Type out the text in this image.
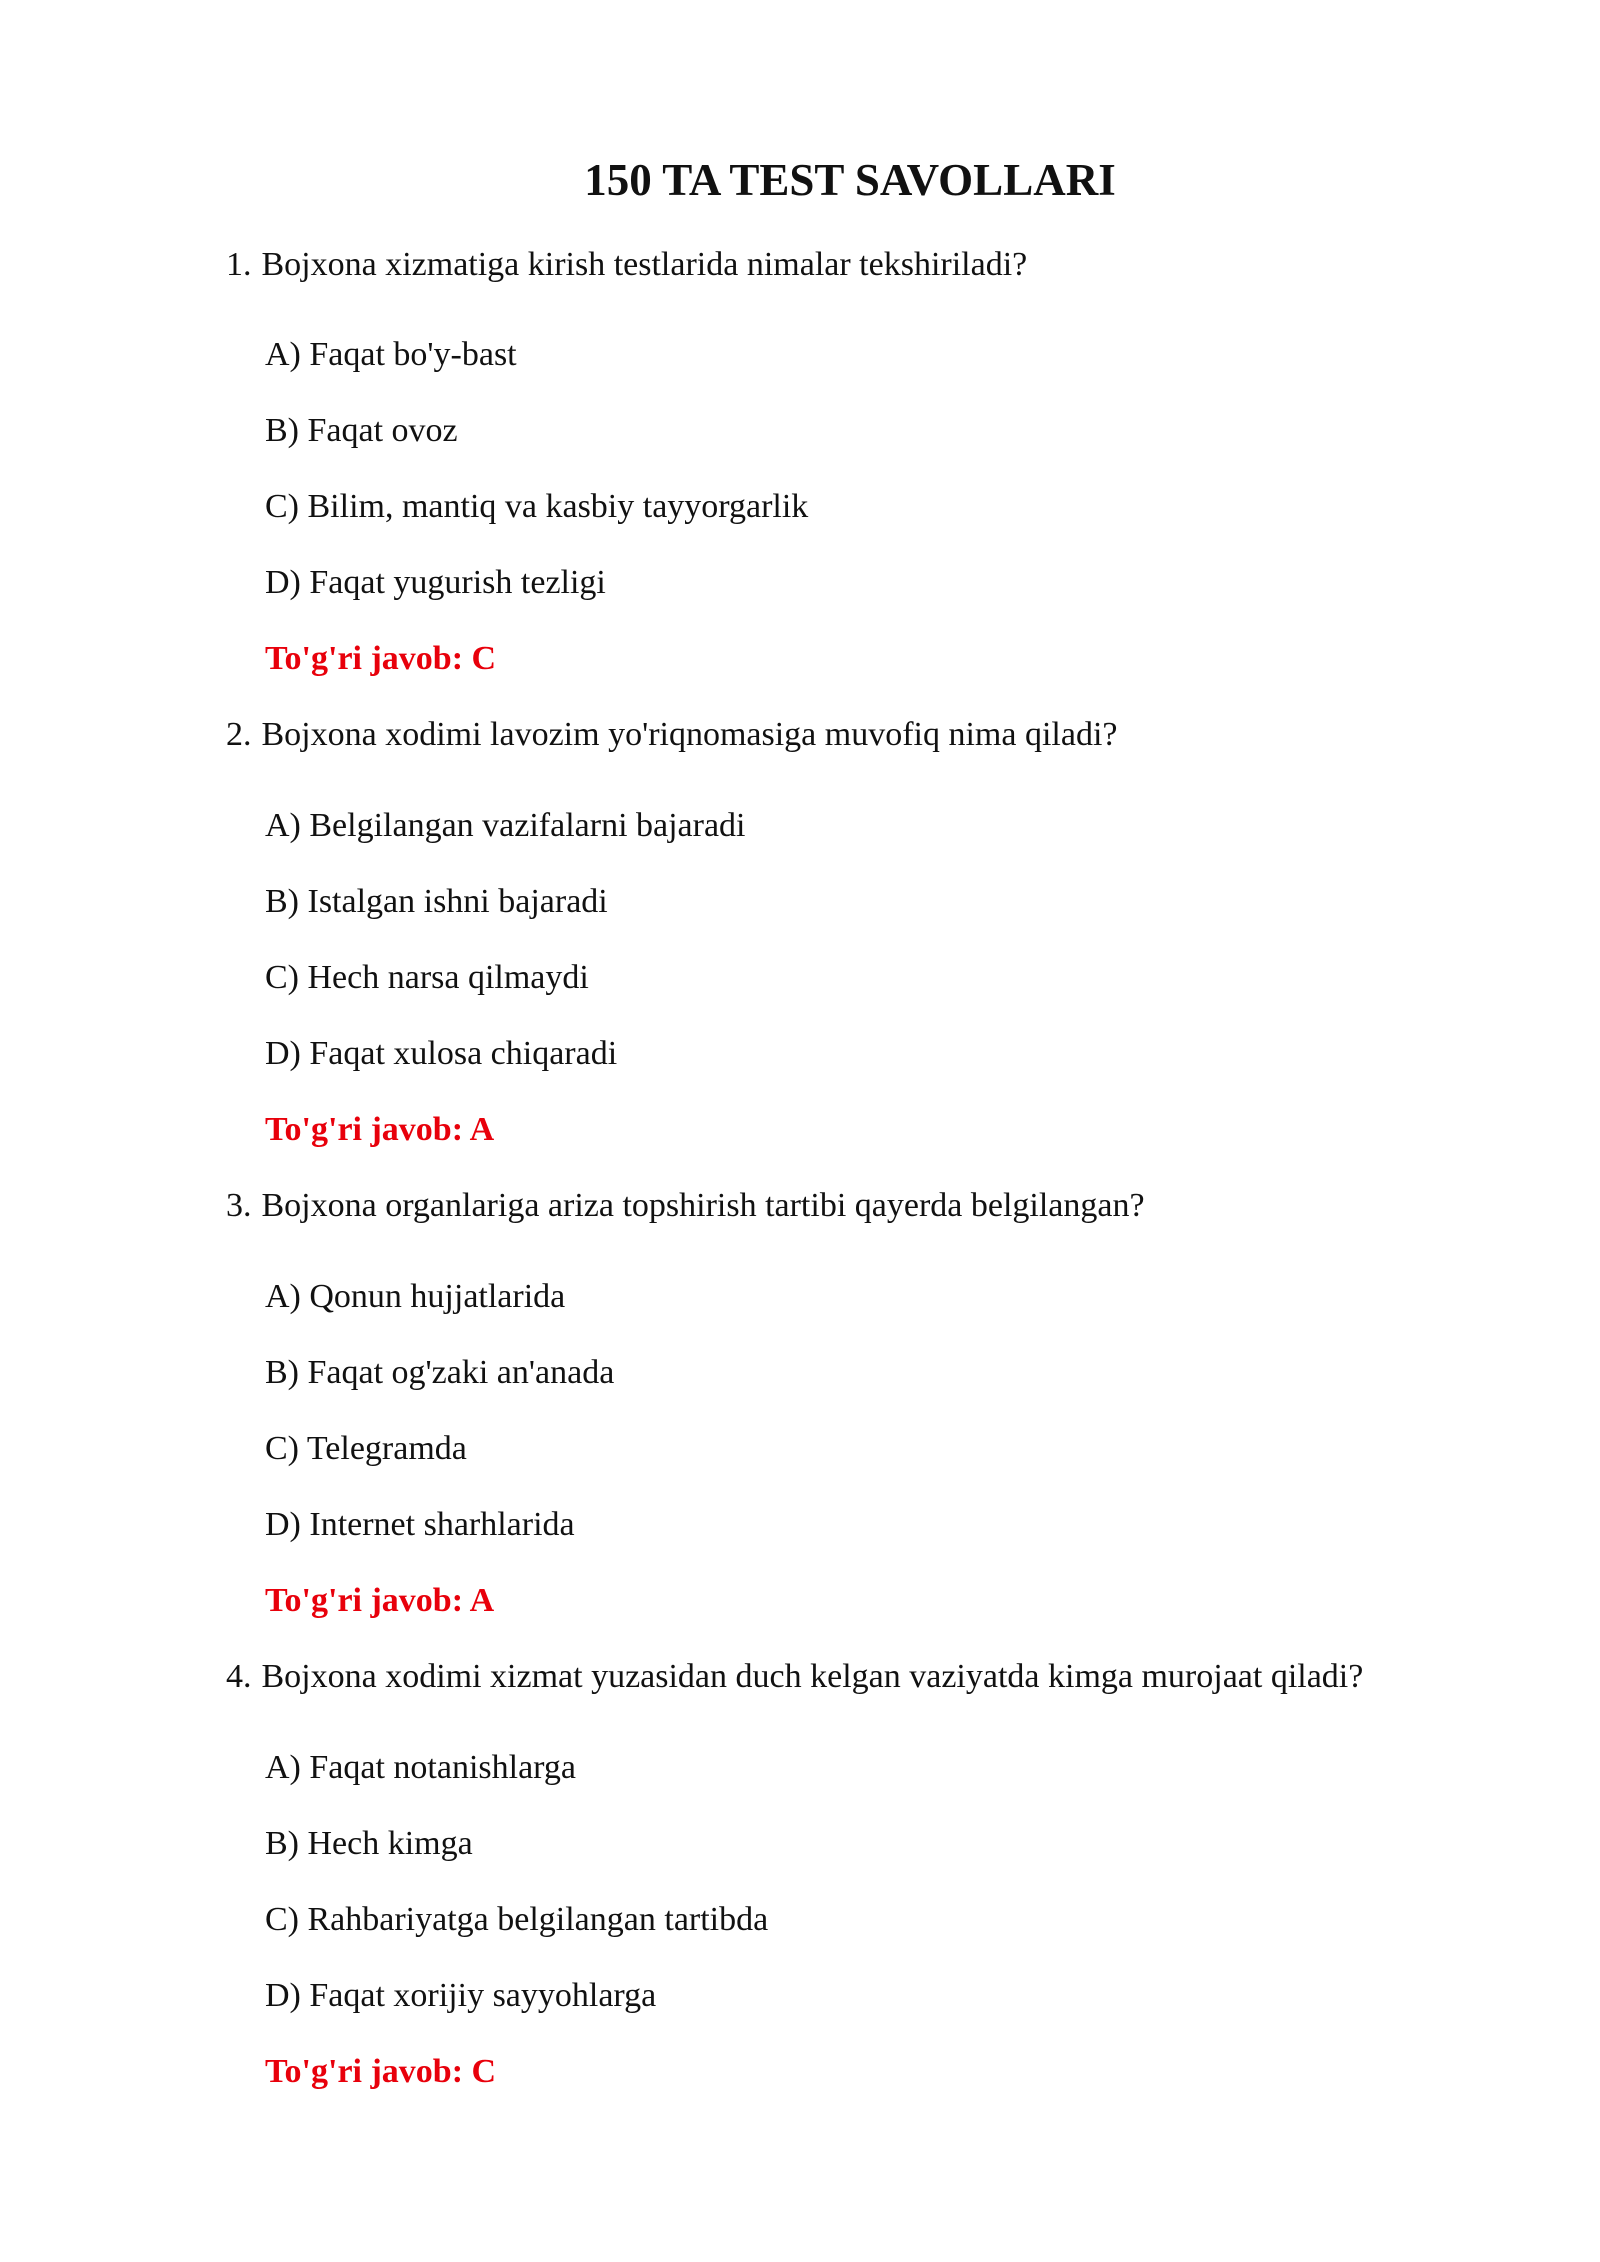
150 TA TEST SAVOLLARI

1. Bojxona xizmatiga kirish testlarida nimalar tekshiriladi?

A) Faqat bo'y-bast
B) Faqat ovoz
C) Bilim, mantiq va kasbiy tayyorgarlik
D) Faqat yugurish tezligi
To'g'ri javob: C

2. Bojxona xodimi lavozim yo'riqnomasiga muvofiq nima qiladi?

A) Belgilangan vazifalarni bajaradi
B) Istalgan ishni bajaradi
C) Hech narsa qilmaydi
D) Faqat xulosa chiqaradi
To'g'ri javob: A

3. Bojxona organlariga ariza topshirish tartibi qayerda belgilangan?

A) Qonun hujjatlarida
B) Faqat og'zaki an'anada
C) Telegramda
D) Internet sharhlarida
To'g'ri javob: A

4. Bojxona xodimi xizmat yuzasidan duch kelgan vaziyatda kimga murojaat qiladi?

A) Faqat notanishlarga
B) Hech kimga
C) Rahbariyatga belgilangan tartibda
D) Faqat xorijiy sayyohlarga
To'g'ri javob: C
